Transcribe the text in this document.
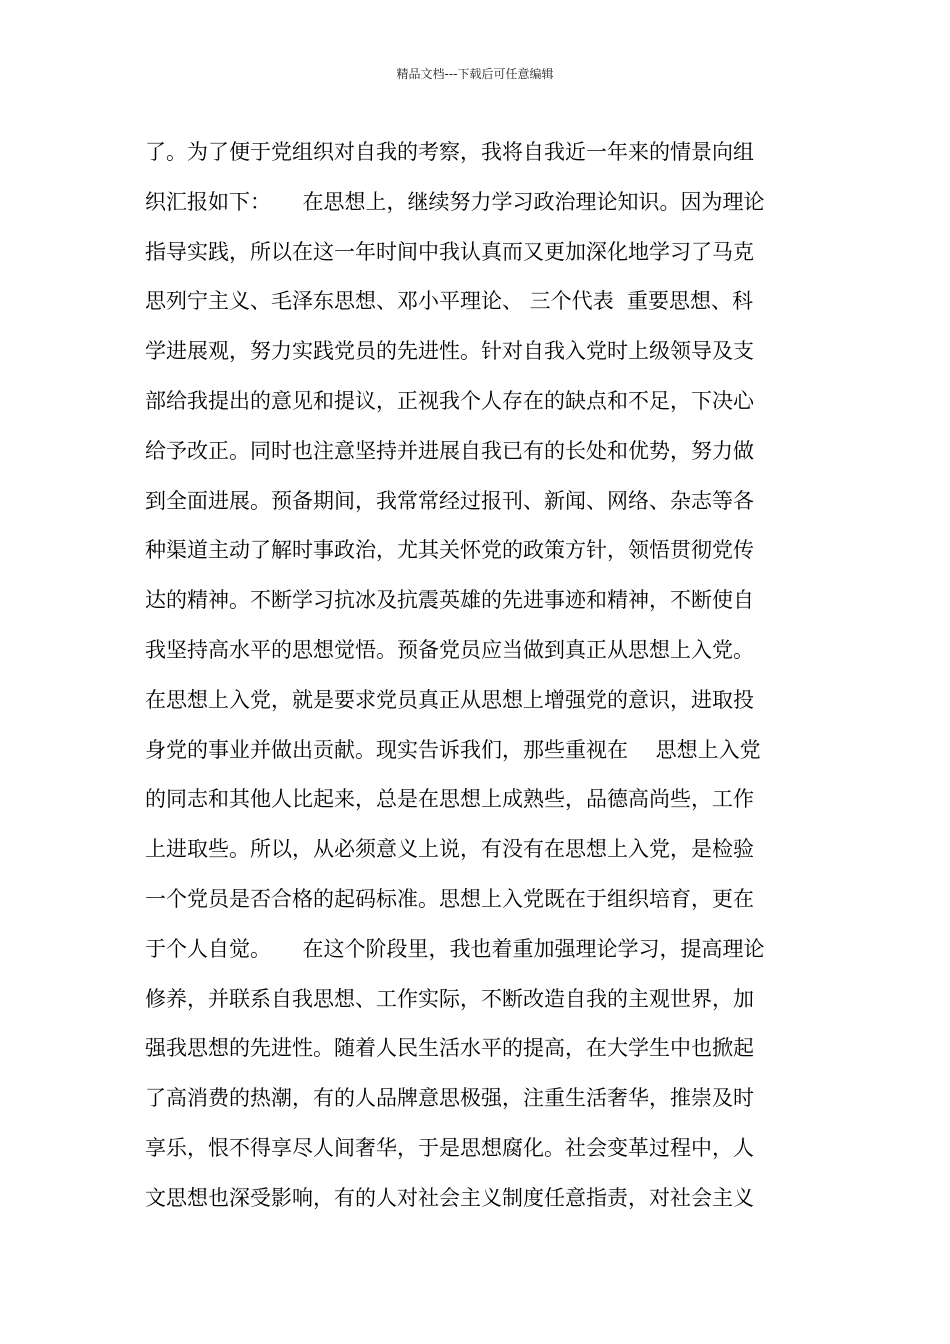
精品文档---下载后可任意编辑
了。为了便于党组织对自我的考察，我将自我近一年来的情景向组
织汇报如下：　　在思想上，继续努力学习政治理论知识。因为理论
指导实践，所以在这一年时间中我认真而又更加深化地学习了马克
思列宁主义、毛泽东思想、邓小平理论、 三个代表  重要思想、科
学进展观，努力实践党员的先进性。针对自我入党时上级领导及支
部给我提出的意见和提议，正视我个人存在的缺点和不足，下决心
给予改正。同时也注意坚持并进展自我已有的长处和优势，努力做
到全面进展。预备期间，我常常经过报刊、新闻、网络、杂志等各
种渠道主动了解时事政治，尤其关怀党的政策方针，领悟贯彻党传
达的精神。不断学习抗冰及抗震英雄的先进事迹和精神，不断使自
我坚持高水平的思想觉悟。预备党员应当做到真正从思想上入党。
在思想上入党，就是要求党员真正从思想上增强党的意识，进取投
身党的事业并做出贡献。现实告诉我们，那些重视在　 思想上入党
的同志和其他人比起来，总是在思想上成熟些，品德高尚些，工作
上进取些。所以，从必须意义上说，有没有在思想上入党，是检验
一个党员是否合格的起码标准。思想上入党既在于组织培育，更在
于个人自觉。　　在这个阶段里，我也着重加强理论学习，提高理论
修养，并联系自我思想、工作实际，不断改造自我的主观世界，加
强我思想的先进性。随着人民生活水平的提高，在大学生中也掀起
了高消费的热潮，有的人品牌意思极强，注重生活奢华，推崇及时
享乐，恨不得享尽人间奢华，于是思想腐化。社会变革过程中，人
文思想也深受影响，有的人对社会主义制度任意指责，对社会主义
